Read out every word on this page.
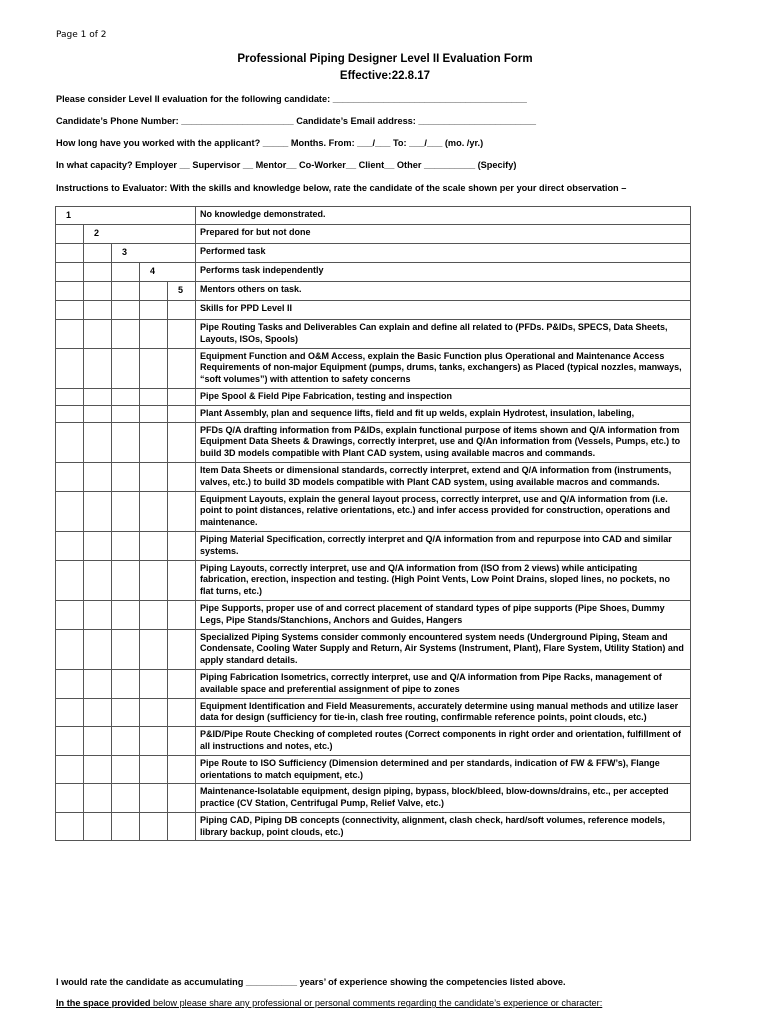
Page 1 of 2
Professional Piping Designer Level II Evaluation Form
Effective:22.8.17
Please consider Level II evaluation for the following candidate: ______________________________________
Candidate’s Phone Number: ______________________ Candidate’s Email address: _______________________
How long have you worked with the applicant? _____ Months. From: ___/___ To: ___/___ (mo. /yr.)
In what capacity? Employer __ Supervisor __ Mentor__ Co-Worker__ Client__ Other __________ (Specify)
Instructions to Evaluator: With the skills and knowledge below, rate the candidate of the scale shown per your direct observation –
1					No knowledge demonstrated.
	2				Prepared for but not done
		3			Performed task
			4		Performs task independently
				5	Mentors others on task.
					Skills for PPD Level II
					Pipe Routing Tasks and Deliverables Can explain and define all related to (PFDs. P&IDs, SPECS, Data Sheets, Layouts, ISOs, Spools)
					Equipment Function and O&M Access, explain the Basic Function plus Operational and Maintenance Access Requirements of non-major Equipment (pumps, drums, tanks, exchangers) as Placed (typical nozzles, manways, “soft volumes”) with attention to safety concerns
					Pipe Spool & Field Pipe Fabrication, testing and inspection
					Plant Assembly, plan and sequence lifts, field and fit up welds, explain Hydrotest, insulation, labeling,
					PFDs Q/A drafting information from P&IDs, explain functional purpose of items shown and Q/A information from Equipment Data Sheets & Drawings, correctly interpret, use and Q/An information from (Vessels, Pumps, etc.) to build 3D models compatible with Plant CAD system, using available macros and commands.
					Item Data Sheets or dimensional standards, correctly interpret, extend and Q/A information from (instruments, valves, etc.) to build 3D models compatible with Plant CAD system, using available macros and commands.
					Equipment Layouts, explain the general layout process, correctly interpret, use and Q/A information from (i.e. point to point distances, relative orientations, etc.) and infer access provided for construction, operations and maintenance.
					Piping Material Specification, correctly interpret and Q/A information from and repurpose into CAD and similar systems.
					Piping Layouts, correctly interpret, use and Q/A information from (ISO from 2 views) while anticipating fabrication, erection, inspection and testing. (High Point Vents, Low Point Drains, sloped lines, no pockets, no flat turns, etc.)
					Pipe Supports, proper use of and correct placement of standard types of pipe supports (Pipe Shoes, Dummy Legs, Pipe Stands/Stanchions, Anchors and Guides, Hangers
					Specialized Piping Systems consider commonly encountered system needs (Underground Piping, Steam and Condensate, Cooling Water Supply and Return, Air Systems (Instrument, Plant), Flare System, Utility Station) and apply standard details.
					Piping Fabrication Isometrics, correctly interpret, use and Q/A information from Pipe Racks, management of available space and preferential assignment of pipe to zones
					Equipment Identification and Field Measurements, accurately determine using manual methods and utilize laser data for design (sufficiency for tie-in, clash free routing, confirmable reference points, point clouds, etc.)
					P&ID/Pipe Route Checking of completed routes (Correct components in right order and orientation, fulfillment of all instructions and notes, etc.)
					Pipe Route to ISO Sufficiency (Dimension determined and per standards, indication of FW & FFW’s), Flange orientations to match equipment, etc.)
					Maintenance-Isolatable equipment, design piping, bypass, block/bleed, blow-downs/drains, etc., per accepted practice (CV Station, Centrifugal Pump, Relief Valve, etc.)
					Piping CAD, Piping DB concepts (connectivity, alignment, clash check, hard/soft volumes, reference models, library backup, point clouds, etc.)
I would rate the candidate as accumulating __________ years’ of experience showing the competencies listed above.
In the space provided below please share any professional or personal comments regarding the candidate’s experience or character:
